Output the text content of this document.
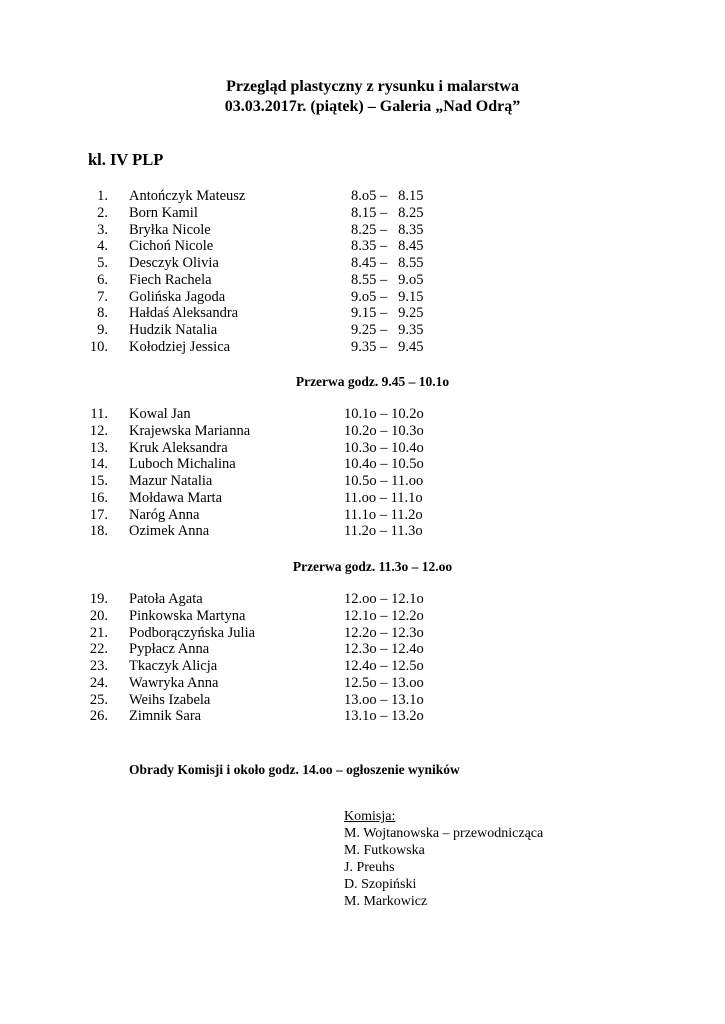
Przegląd plastyczny z rysunku i malarstwa
03.03.2017r. (piątek) – Galeria „Nad Odrą”
kl. IV PLP
1. Antończyk Mateusz	8.o5 –   8.15
2. Born Kamil	8.15 –   8.25
3. Bryłka Nicole	8.25 –   8.35
4. Cichoń Nicole	8.35 –   8.45
5. Desczyk Olivia	8.45 –   8.55
6. Fiech Rachela	8.55 –   9.o5
7. Golińska Jagoda	9.o5 –   9.15
8. Hałdaś Aleksandra	9.15 –   9.25
9. Hudzik Natalia	9.25 –   9.35
10. Kołodziej Jessica	9.35 –   9.45
Przerwa godz. 9.45 – 10.1o
11. Kowal Jan	10.1o – 10.2o
12. Krajewska Marianna	10.2o – 10.3o
13. Kruk Aleksandra	10.3o – 10.4o
14. Luboch Michalina	10.4o – 10.5o
15. Mazur Natalia	10.5o – 11.oo
16. Mołdawa Marta	11.oo – 11.1o
17. Naróg Anna	11.1o – 11.2o
18. Ozimek Anna	11.2o – 11.3o
Przerwa godz. 11.3o – 12.oo
19. Patoła Agata	12.oo – 12.1o
20. Pinkowska Martyna	12.1o – 12.2o
21. Podborączyńska Julia	12.2o – 12.3o
22. Pypłacz Anna	12.3o – 12.4o
23. Tkaczyk Alicja	12.4o – 12.5o
24. Wawryka Anna	12.5o – 13.oo
25. Weihs Izabela	13.oo – 13.1o
26. Zimnik Sara	13.1o – 13.2o
Obrady Komisji i około godz. 14.oo – ogłoszenie wyników
Komisja:
M. Wojtanowska – przewodnicząca
M. Futkowska
J. Preuhs
D. Szopiński
M. Markowicz
